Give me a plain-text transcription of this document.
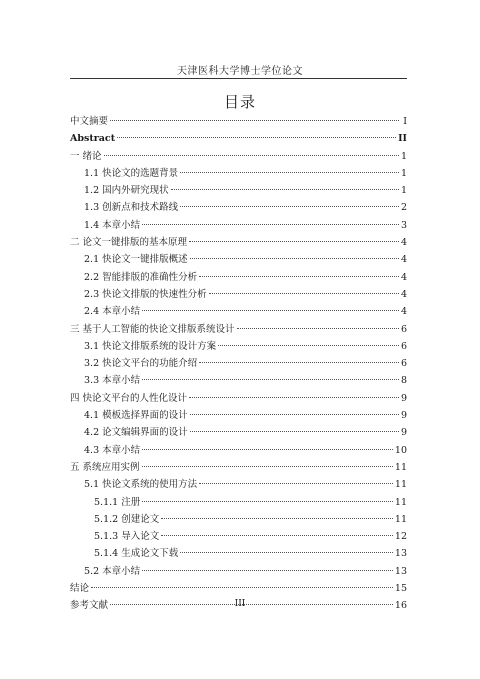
天津医科大学博士学位论文
目录
中文摘要	I
Abstract	II
一 绪论	1
1.1 快论文的选题背景	1
1.2 国内外研究现状	1
1.3 创新点和技术路线	2
1.4 本章小结	3
二 论文一键排版的基本原理	4
2.1 快论文一键排版概述	4
2.2 智能排版的准确性分析	4
2.3 快论文排版的快速性分析	4
2.4 本章小结	4
三 基于人工智能的快论文排版系统设计	6
3.1 快论文排版系统的设计方案	6
3.2 快论文平台的功能介绍	6
3.3 本章小结	8
四 快论文平台的人性化设计	9
4.1 模板选择界面的设计	9
4.2 论文编辑界面的设计	9
4.3 本章小结	10
五 系统应用实例	11
5.1 快论文系统的使用方法	11
5.1.1 注册	11
5.1.2 创建论文	11
5.1.3 导入论文	12
5.1.4 生成论文下载	13
5.2 本章小结	13
结论	15
参考文献	16
III
